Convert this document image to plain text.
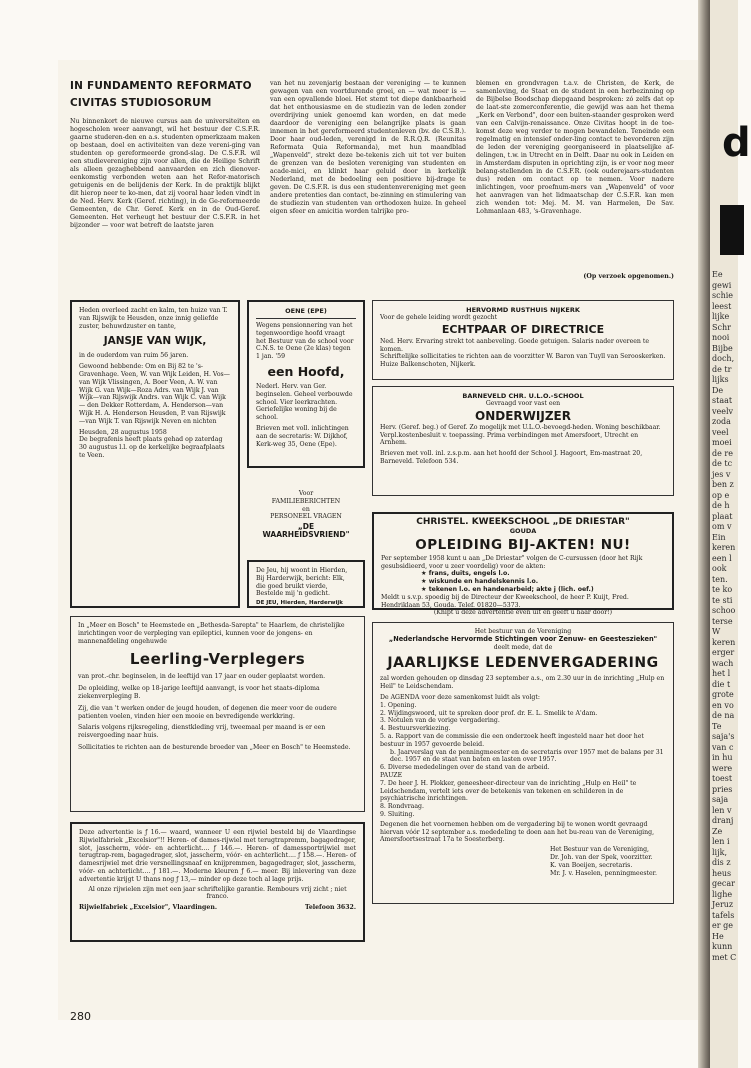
d
Ee
gewi
schie
leest
lijke
Schr
nooi
Bijbe
doch,
de tr
lijks
De
staat
veelv
zoda
veel
moei
de re
de tc
jes v
ben z
op e
de h
plaat
om v
Ein
keren
een l
ook
ten.
te ko
te sti
schoo
terse
W
keren
erger
wach
het l
die t
grote
en vo
de na
Te
saja's
van c
in hu
were
toest
pries
saja
len v
dranj
Ze
len i
lijk,
dis z
heus
gecar
lighe
Jeruz
tafels
er ge
He
kunn
met C
IN FUNDAMENTO REFORMATO CIVITAS STUDIOSORUM
Nu binnenkort de nieuwe cursus aan de universiteiten en hogescholen weer aanvangt, wil het bestuur der C.S.F.R. gaarne studeren-den en a.s. studenten opmerkzaam maken op bestaan, doel en activiteiten van deze vereni-ging van studenten op gereformeerde grond-slag. De C.S.F.R. wil een studievereniging zijn voor allen, die de Heilige Schrift als alleen gezaghebbend aanvaarden en zich dienover-eenkomstig verbonden weten aan het Refor-matorisch getuigenis en de belijdenis der Kerk. In de praktijk blijkt dit hierop neer te ko-men, dat zij vooral haar leden vindt in de Ned. Herv. Kerk (Geref. richting), in de Ge-reformeerde Gemeenten, de Chr. Geref. Kerk en in de Oud-Geref. Gemeenten. Het verheugt het bestuur der C.S.F.R. in het bijzonder — voor wat betreft de laatste jaren
van het nu zevenjarig bestaan der vereniging — te kunnen gewagen van een voortdurende groei, en — wat meer is — van een opvallende bloei. Het stemt tot diepe dankbaarheid dat het enthousiasme en de studiezin van de leden zonder overdrijving uniek genoemd kan worden, en dat mede daardoor de vereniging een belangrijke plaats is gaan innemen in het gereformeerd studentenleven (bv. de C.S.B.). Door haar oud-leden, verenigd in de R.R.Q.R. (Reunitas Reformata Quia Reformanda), met hun maandblad „Wapenveld", strekt deze be-tekenis zich uit tot ver buiten de grenzen van de besloten vereniging van studenten en acade-mici, en klinkt haar geluid door in kerkelijk Nederland, met de bedoeling een positieve bij-drage te geven. De C.S.F.R. is dus een studentenvereniging met geen andere pretenties dan contact, be-zinning en stimulering van de studiezin van studenten van orthodoxen huize. In geheel eigen sfeer en amicitia worden talrijke pro-
blemen en grondvragen t.a.v. de Christen, de Kerk, de samenleving, de Staat en de student in een herbezinning op de Bijbelse Boodschap diepgaand besproken: zó zelfs dat op de laat-ste zomerconferentie, die gewijd was aan het thema „Kerk en Verbond", door een buiten-staander gesproken werd van een Calvijn-renaissance. Onze Civitas hoopt in de toe-komst deze weg verder te mogen bewandelen. Teneinde een regelmatig en intensief onder-ling contact te bevorderen zijn de leden der vereniging georganiseerd in plaatselijke af-delingen, t.w. in Utrecht en in Delft. Daar nu ook in Leiden en in Amsterdam disputen in oprichting zijn, is er voor nog meer belang-stellenden in de C.S.F.R. (ook ouderejaars-studenten dus) reden om contact op te nemen. Voor nadere inlichtingen, voor proefnum-mers van „Wapenveld" of voor het aanvragen van het lidmaatschap der C.S.F.R. kan men zich wenden tot: Mej. M. M. van Harmelen, De Sav. Lohmanlaan 483, 's-Gravenhage.
(Op verzoek opgenomen.)
Heden overleed zacht en kalm, ten huize van T. van Rijswijk te Heusden, onze innig geliefde zuster, behuwdzuster en tante,
JANSJE VAN WIJK,
in de ouderdom van ruim 56 jaren.
Gewoond hebbende: Om en Bij 82 te 's-Gravenhage. Veen, W. van Wijk Leiden, H. Vos—van Wijk Vlissingen, A. Boer Veen, A. W. van Wijk G. van Wijk—Roza Adrs. van Wijk J. van Wijk—van Rijswijk Andrs. van Wijk C. van Wijk— den Dekker Rotterdam, A. Henderson—van Wijk H. A. Henderson Heusden, P. van Rijswijk—van Wijk T. van Rijswijk Neven en nichten
Heusden, 28 augustus 1958
De begrafenis heeft plaats gehad op zaterdag 30 augustus l.l. op de kerkelijke begraafplaats te Veen.
OENE (EPE)
Wegens pensionnering van het tegenwoordige hoofd vraagt het Bestuur van de school voor C.N.S. te Oene (2e klas) tegen 1 jan. '59
een Hoofd,
Nederl. Herv. van Ger. beginselen. Geheel verbouwde school. Vier leerkrachten. Geriefelijke woning bij de school.
Brieven met voll. inlichtingen aan de secretaris: W. Dijkhof, Kerk-weg 35, Oene (Epe).
Voor
FAMILIEBERICHTEN
en
PERSONEEL VRAGEN
„DE WAARHEIDSVRIEND"
De Jeu, hij woont in Hierden, Bij Harderwijk, bericht: Elk, die goed bruikt vierde, Bestelde mij 'n gedicht.
DE JEU, Hierden, Harderwijk
HERVORMD RUSTHUIS NIJKERK
Voor de gehele leiding wordt gezocht
ECHTPAAR OF DIRECTRICE
Ned. Herv. Ervaring strekt tot aanbeveling. Goede getuigen. Salaris nader overeen te komen.
Schriftelijke sollicitaties te richten aan de voorzitter W. Baron van Tuyll van Serooskerken. Huize Balkenschoten, Nijkerk.
BARNEVELD CHR. U.L.O.-SCHOOL
Gevraagd voor vast een
ONDERWIJZER
Herv. (Geref. beg.) of Geref. Zo mogelijk met U.L.O.-bevoegd-heden. Woning beschikbaar. Verpl.kostenbesluit v. toepassing. Prima verbindingen met Amersfoort, Utrecht en Arnhem.
Brieven met voll. inl. z.s.p.m. aan het hoofd der School J. Hagoort, Em-mastraat 20, Barneveld. Telefoon 534.
CHRISTEL. KWEEKSCHOOL „DE DRIESTAR"
GOUDA
OPLEIDING BIJ-AKTEN! NU!
Per september 1958 kunt u aan „De Driestar" volgen de C-cursussen (door het Rijk gesubsidieerd, voor u zeer voordelig) voor de akten:
★ frans, duits, engels l.o.
★ wiskunde en handelskennis l.o.
★ tekenen l.o. en handenarbeid; akte j (lich. oef.)
Meldt u s.v.p. spoedig bij de Directeur der Kweekschool, de heer P. Kuijt, Fred. Hendriklaan 53, Gouda. Telef. 01820—5373.
(Knipt u deze advertentie even uit en geeft u haar door!)
In „Meer en Bosch" te Heemstede en „Bethesda-Sarepta" te Haarlem, de christelijke inrichtingen voor de verpleging van epileptici, kunnen voor de jongens- en mannenafdeling ongehuwde
Leerling-Verplegers
van prot.-chr. beginselen, in de leeftijd van 17 jaar en ouder geplaatst worden.
De opleiding, welke op 18-jarige leeftijd aanvangt, is voor het staats-diploma ziekenverpleging B.
Zij, die van 't werken onder de jeugd houden, of degenen die meer voor de oudere patienten voelen, vinden hier een mooie en bevredigende werkkring.
Salaris volgens rijksregeling, dienstkleding vrij, tweemaal per maand is er een reisvergoeding naar huis.
Sollicitaties te richten aan de besturende broeder van „Meer en Bosch" te Heemstede.
Deze advertentie is ƒ 16.— waard, wanneer U een rijwiel besteld bij de Vlaardingse Rijwielfabriek „Excelsior"!! Heren- of dames-rijwiel met terugtrapremm, bagagedrager, slot, jasscherm, vóór- en achterlicht.... ƒ 146.—. Heren- of damessportrijwiel met terugtrap-rem, bagagedrager, slot, jasscherm, vóór- en achterlicht.... ƒ 158.—. Heren- of damesrijwiel met drie versnellingsnaaf en knijpremmen, bagagedrager, slot, jasscherm, vóór- en achterlicht.... ƒ 181.—. Moderne kleuren ƒ 6.— meer. Bij inlevering van deze advertentie krijgt U thans nog ƒ 13,— minder op deze toch al lage prijs.
Al onze rijwielen zijn met een jaar schriftelijke garantie. Rembours vrij zicht ; niet franco.
Rijwielfabriek „Excelsior", Vlaardingen.	Telefoon 3632.
Het bestuur van de Vereniging
„Nederlandsche Hervormde Stichtingen voor Zenuw- en Geesteszieken"
deelt mede, dat de
JAARLIJKSE LEDENVERGADERING
zal worden gehouden op dinsdag 23 september a.s., om 2.30 uur in de inrichting „Hulp en Heil" te Leidschendam.
De AGENDA voor deze samenkomst luidt als volgt:
1. Opening.
2. Wijdingswoord, uit te spreken door prof. dr. E. L. Smelik te A'dam.
3. Notulen van de vorige vergadering.
4. Bestuursverkiezing.
5. a. Rapport van de commissie die een onderzoek heeft ingesteld naar het door het bestuur in 1957 gevoerde beleid.
b. Jaarverslag van de penningmeester en de secretaris over 1957 met de balans per 31 dec. 1957 en de staat van baten en lasten over 1957.
6. Diverse mededelingen over de stand van de arbeid.
PAUZE
7. De heer J. H. Plokker, geneesheer-directeur van de inrichting „Hulp en Heil" te Leidschendam, vertelt iets over de betekenis van tekenen en schilderen in de psychiatrische inrichtingen.
8. Rondvraag.
9. Sluiting.
Degenen die het voornemen hebben om de vergadering bij te wonen wordt gevraagd hiervan vóór 12 september a.s. mededeling te doen aan het bu-reau van de Vereniging, Amersfoortsestraat 17a te Soesterberg.
Het Bestuur van de Vereniging,
Dr. Joh. van der Spek, voorzitter.
K. van Boeijen, secretaris.
Mr. J. v. Haselen, penningmeester.
280
